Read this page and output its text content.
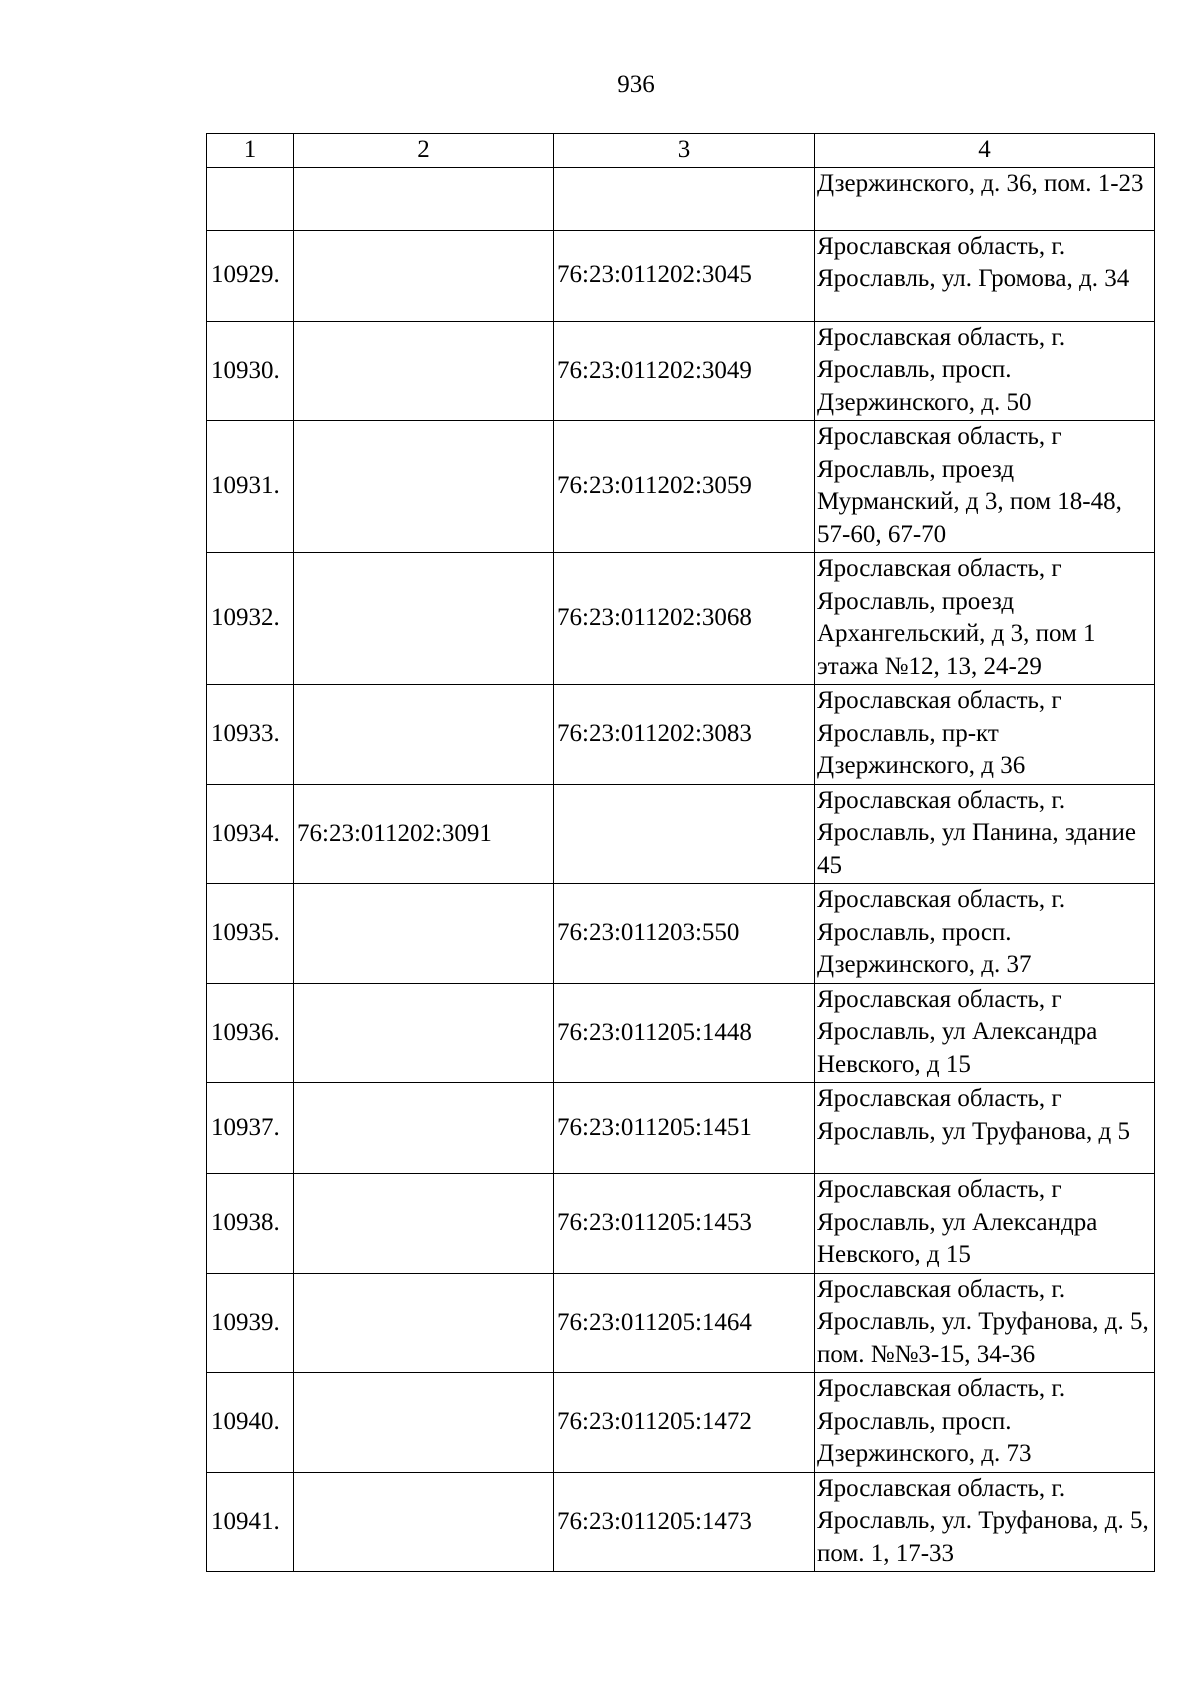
936
1	2	3	4
			Дзержинского, д. 36, пом. 1-23
10929.		76:23:011202:3045	Ярославская область, г. Ярославль, ул. Громова, д. 34
10930.		76:23:011202:3049	Ярославская область, г. Ярославль, просп. Дзержинского, д. 50
10931.		76:23:011202:3059	Ярославская область, г Ярославль, проезд Мурманский, д 3, пом 18-48, 57-60, 67-70
10932.		76:23:011202:3068	Ярославская область, г Ярославль, проезд Архангельский, д 3, пом 1 этажа №12, 13, 24-29
10933.		76:23:011202:3083	Ярославская область, г Ярославль, пр-кт Дзержинского, д 36
10934.	76:23:011202:3091		Ярославская область, г. Ярославль, ул Панина, здание 45
10935.		76:23:011203:550	Ярославская область, г. Ярославль, просп. Дзержинского, д. 37
10936.		76:23:011205:1448	Ярославская область, г Ярославль, ул Александра Невского, д 15
10937.		76:23:011205:1451	Ярославская область, г Ярославль, ул Труфанова, д 5
10938.		76:23:011205:1453	Ярославская область, г Ярославль, ул Александра Невского, д 15
10939.		76:23:011205:1464	Ярославская область, г. Ярославль, ул. Труфанова, д. 5, пом. №№3-15, 34-36
10940.		76:23:011205:1472	Ярославская область, г. Ярославль, просп. Дзержинского, д. 73
10941.		76:23:011205:1473	Ярославская область, г. Ярославль, ул. Труфанова, д. 5, пом. 1, 17-33
